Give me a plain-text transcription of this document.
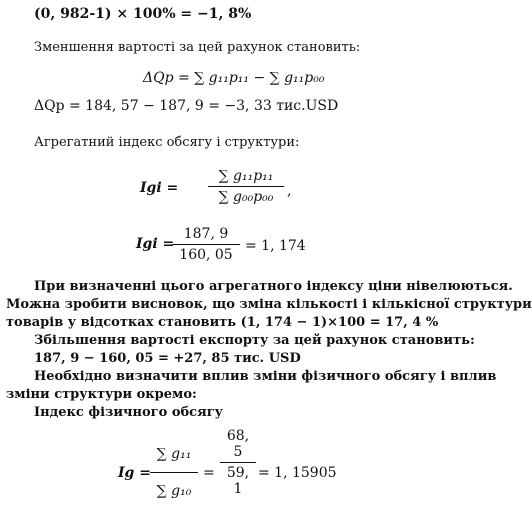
(0, 982-1) × 100% = −1, 8%
Зменшення вартості за цей рахунок становить:
ΔQp = ∑ g₁₁p₁₁ − ∑ g₁₁p₀₀
ΔQp = 184, 57 − 187, 9 = −3, 33 тис.USD
Агрегатний індекс обсягу і структури:
Igi =
∑ g₁₁p₁₁
∑ g₀₀p₀₀ ,
Igi =
187, 9
160, 05
= 1, 174
При визначенні цього агрегатного індексу ціни нівелюються.
Можна зробити висновок, що зміна кількості і кількісної структури
товарів у відсотках становить (1, 174 − 1)×100 = 17, 4 %
Збільшення вартості експорту за цей рахунок становить:
187, 9 − 160, 05 = +27, 85 тис. USD
Необхідно визначити вплив зміни фізичного обсягу і вплив
зміни структури окремо:
Індекс фізичного обсягу
Ig =
∑ g₁₁
∑ g₁₀
=
68,
5
59,
1
= 1, 15905
